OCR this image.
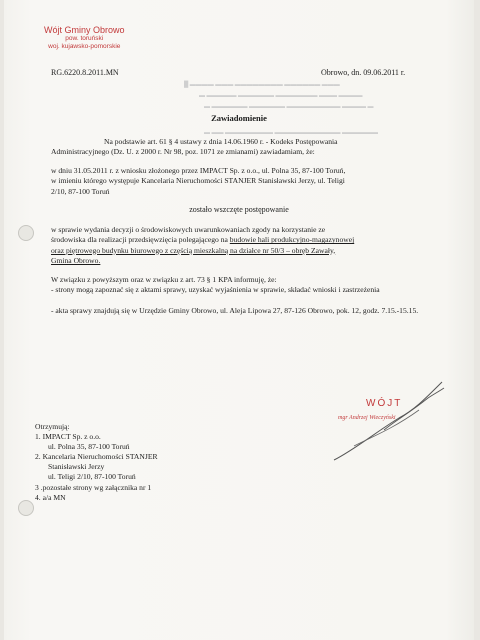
Wójt Gminy Obrowo
pow. toruński
woj. kujawsko-pomorskie
RG.6220.8.2011.MN	Obrowo, dn. 09.06.2011 r.
█ ▬▬▬▬ ▬▬▬ ▬▬▬▬▬▬▬▬ ▬▬▬▬▬▬ ▬▬▬
▬ ▬▬▬▬▬ ▬▬▬▬▬▬ ▬▬▬▬▬▬▬ ▬▬▬ ▬▬▬▬
▬ ▬▬▬▬▬▬ ▬▬▬▬▬▬ ▬▬▬▬▬▬▬▬▬ ▬▬▬▬ ▬
▬ ▬▬ ▬▬▬▬▬▬▬▬ ▬▬▬▬▬▬▬▬▬▬▬ ▬▬▬▬▬▬
Zawiadomienie
Na podstawie art. 61 § 4 ustawy z dnia 14.06.1960 r. - Kodeks Postępowania
Administracyjnego (Dz. U. z 2000 r. Nr 98, poz. 1071 ze zmianami) zawiadamiam, że:
w dniu 31.05.2011 r. z wniosku złożonego przez IMPACT Sp. z o.o., ul. Polna 35, 87-100 Toruń,
w imieniu którego występuje Kancelaria Nieruchomości STANJER Stanisławski Jerzy, ul. Teligi
2/10, 87-100 Toruń
zostało wszczęte postępowanie
w sprawie wydania decyzji o środowiskowych uwarunkowaniach zgody na korzystanie ze
środowiska dla realizacji przedsięwzięcia polegającego na budowie hali produkcyjno-magazynowej
oraz piętrowego budynku biurowego z częścią mieszkalną na działce nr 50/3 – obręb Zawały,
Gmina Obrowo.
W związku z powyższym oraz w związku z art. 73 § 1 KPA informuję, że:
- strony mogą zapoznać się z aktami sprawy, uzyskać wyjaśnienia w sprawie, składać wnioski i zastrzeżenia
- akta sprawy znajdują się w Urzędzie Gminy Obrowo, ul. Aleja Lipowa 27, 87-126 Obrowo, pok. 12, godz. 7.15.-15.15.
WÓJT
mgr Andrzej Wieczyński
Otrzymują:
1. IMPACT Sp. z o.o.
ul. Polna 35, 87-100 Toruń
2. Kancelaria Nieruchomości STANJER
Stanisławski Jerzy
ul. Teligi 2/10, 87-100 Toruń
3 .pozostałe strony wg załącznika nr 1
4. a/a MN
